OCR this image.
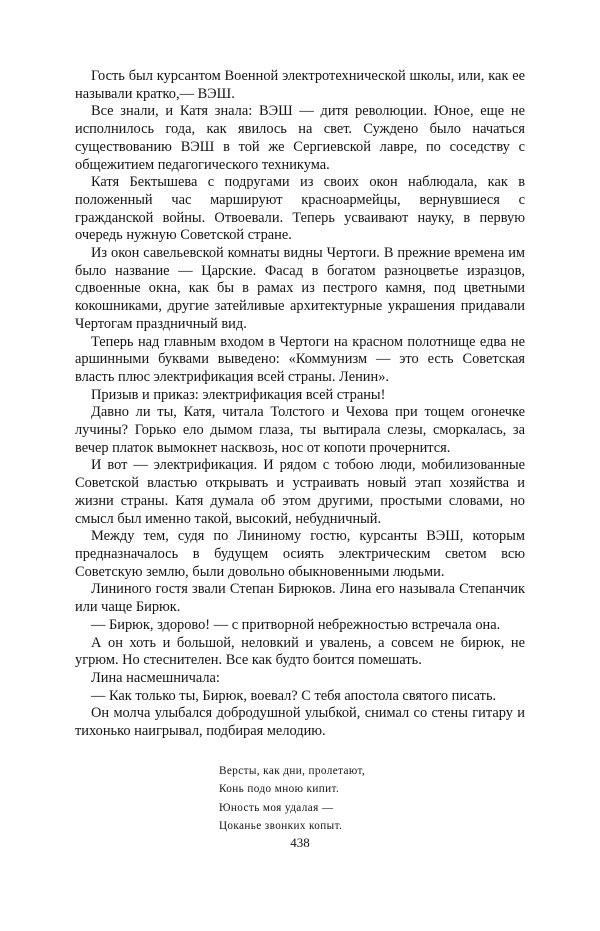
Гость был курсантом Военной электротехнической школы, или, как ее называли кратко,— ВЭШ.

Все знали, и Катя знала: ВЭШ — дитя революции. Юное, еще не исполнилось года, как явилось на свет. Суждено было начаться существованию ВЭШ в той же Сергиевской лавре, по соседству с общежитием педагогического техникума.

Катя Бектышева с подругами из своих окон наблюдала, как в положенный час маршируют красноармейцы, вернувшиеся с гражданской войны. Отвоевали. Теперь усваивают науку, в первую очередь нужную Советской стране.

Из окон савельевской комнаты видны Чертоги. В прежние времена им было название — Царские. Фасад в богатом разноцветье изразцов, сдвоенные окна, как бы в рамах из пестрого камня, под цветными кокошниками, другие затейливые архитектурные украшения придавали Чертогам праздничный вид.

Теперь над главным входом в Чертоги на красном полотнище едва не аршинными буквами выведено: «Коммунизм — это есть Советская власть плюс электрификация всей страны. Ленин».

Призыв и приказ: электрификация всей страны!

Давно ли ты, Катя, читала Толстого и Чехова при тощем огонечке лучины? Горько ело дымом глаза, ты вытирала слезы, сморкалась, за вечер платок вымокнет насквозь, нос от копоти прочернится.

И вот — электрификация. И рядом с тобою люди, мобилизованные Советской властью открывать и устраивать новый этап хозяйства и жизни страны. Катя думала об этом другими, простыми словами, но смысл был именно такой, высокий, небудничный.

Между тем, судя по Лининому гостю, курсанты ВЭШ, которым предназначалось в будущем осиять электрическим светом всю Советскую землю, были довольно обыкновенными людьми.

Лининого гостя звали Степан Бирюков. Лина его называла Степанчик или чаще Бирюк.

— Бирюк, здорово! — с притворной небрежностью встречала она.

А он хоть и большой, неловкий и увалень, а совсем не бирюк, не угрюм. Но стеснителен. Все как будто боится помешать.

Лина насмешничала:

— Как только ты, Бирюк, воевал? С тебя апостола святого писать.

Он молча улыбался добродушной улыбкой, снимал со стены гитару и тихонько наигрывал, подбирая мелодию.

Версты, как дни, пролетают,
Конь подо мною кипит.
Юность моя удалая —
Цоканье звонких копыт.
438
